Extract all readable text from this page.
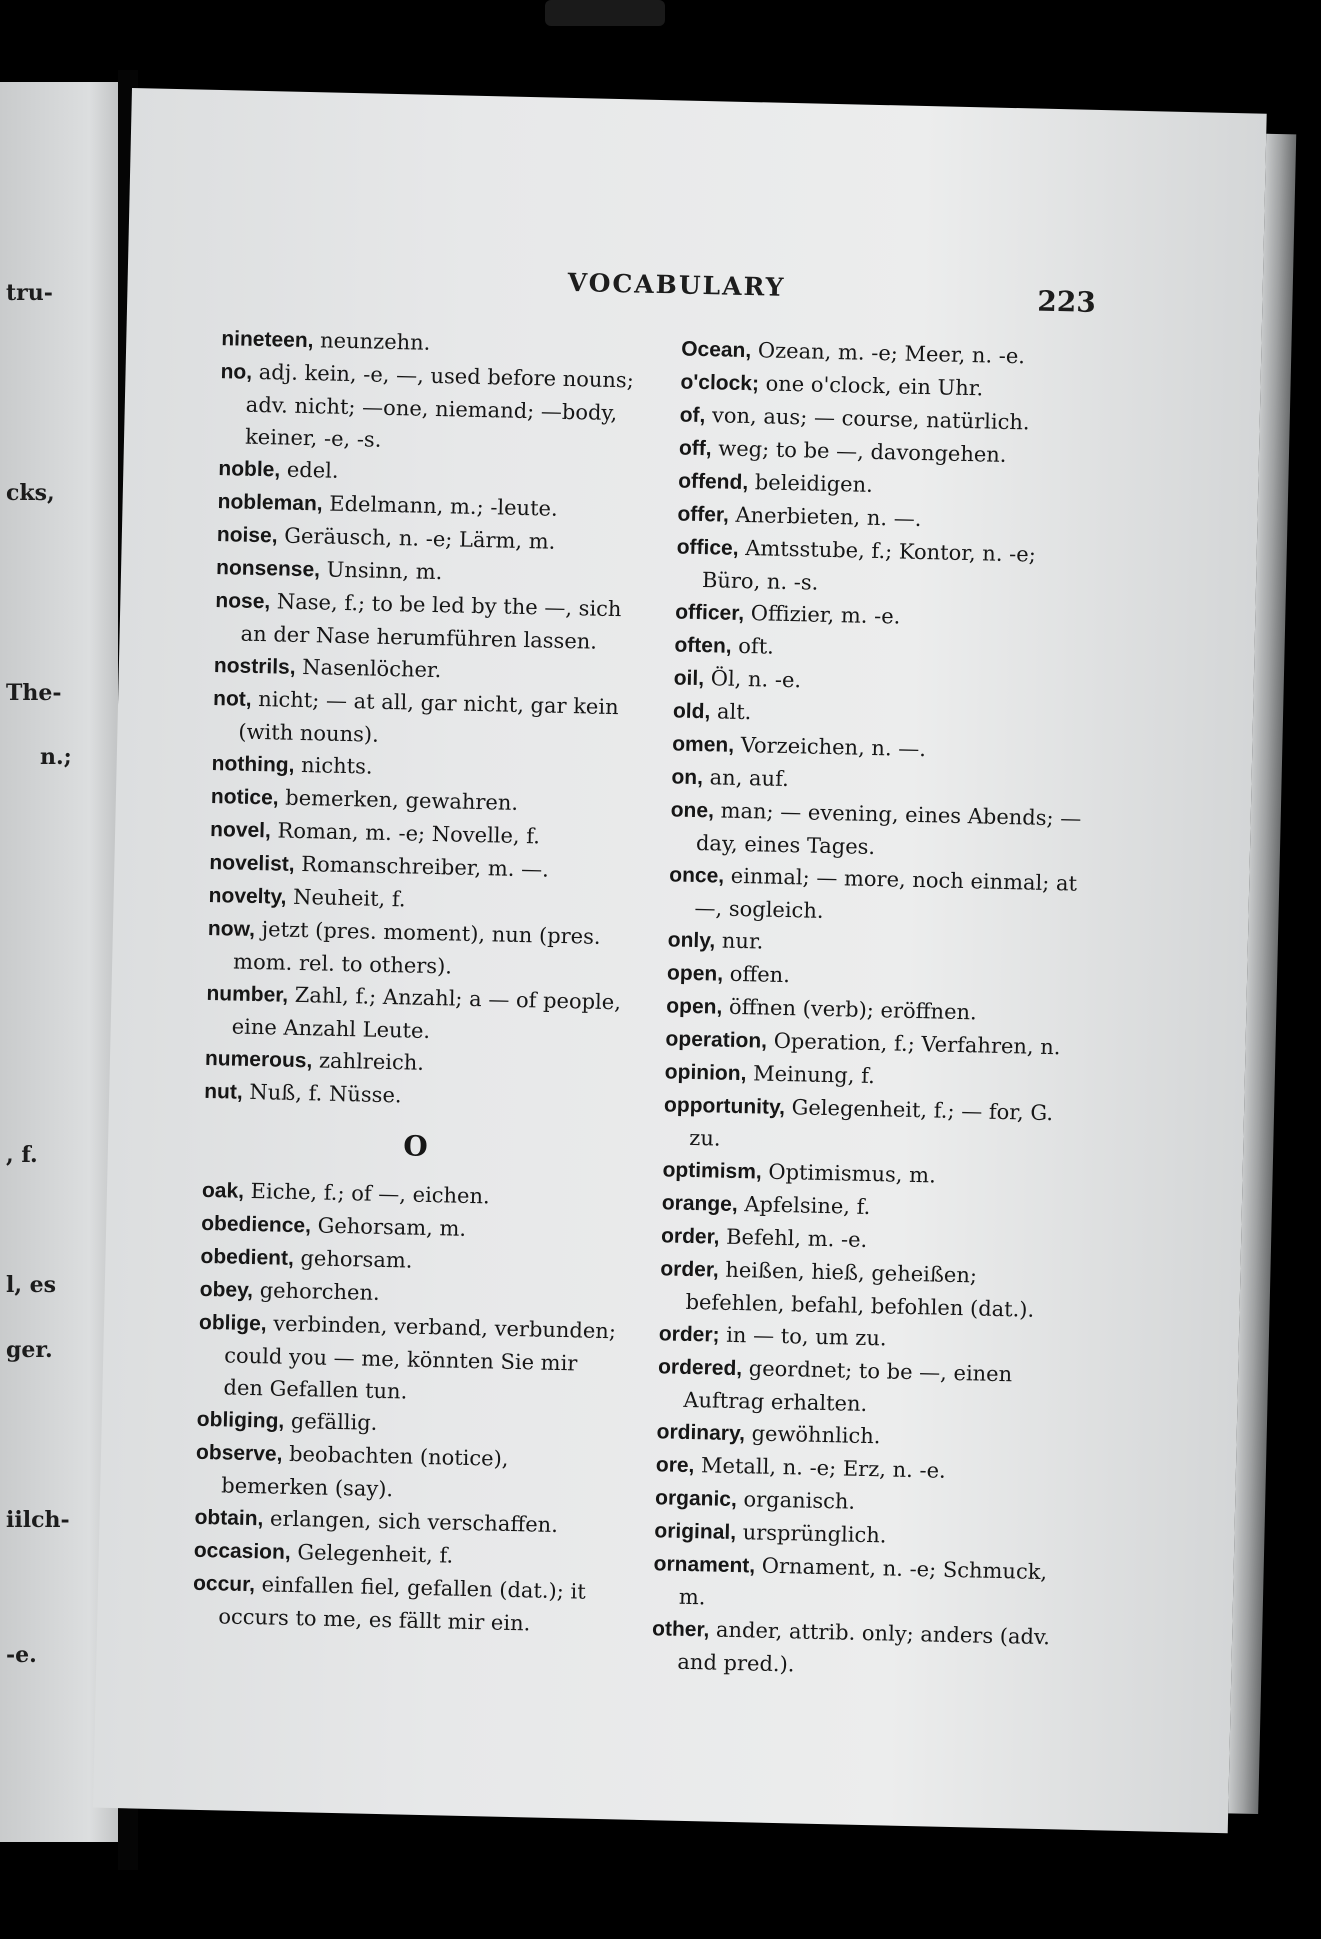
tru-
cks,
The-
n.;
, f.
l, es
ger.
iilch-
-e.
VOCABULARY	223
nineteen, neunzehn.
no, adj. kein, -e, —, used before nouns; adv. nicht; —one, niemand; —body, keiner, -e, -s.
noble, edel.
nobleman, Edelmann, m.; -leute.
noise, Geräusch, n. -e; Lärm, m.
nonsense, Unsinn, m.
nose, Nase, f.; to be led by the —, sich an der Nase herumführen lassen.
nostrils, Nasenlöcher.
not, nicht; — at all, gar nicht, gar kein (with nouns).
nothing, nichts.
notice, bemerken, gewahren.
novel, Roman, m. -e; Novelle, f.
novelist, Romanschreiber, m. —.
novelty, Neuheit, f.
now, jetzt (pres. moment), nun (pres. mom. rel. to others).
number, Zahl, f.; Anzahl; a — of people, eine Anzahl Leute.
numerous, zahlreich.
nut, Nuß, f. Nüsse.
O
oak, Eiche, f.; of —, eichen.
obedience, Gehorsam, m.
obedient, gehorsam.
obey, gehorchen.
oblige, verbinden, verband, verbunden; could you — me, könnten Sie mir den Gefallen tun.
obliging, gefällig.
observe, beobachten (notice), bemerken (say).
obtain, erlangen, sich verschaffen.
occasion, Gelegenheit, f.
occur, einfallen fiel, gefallen (dat.); it occurs to me, es fällt mir ein.
Ocean, Ozean, m. -e; Meer, n. -e.
o'clock; one o'clock, ein Uhr.
of, von, aus; — course, natürlich.
off, weg; to be —, davongehen.
offend, beleidigen.
offer, Anerbieten, n. —.
office, Amtsstube, f.; Kontor, n. -e; Büro, n. -s.
officer, Offizier, m. -e.
often, oft.
oil, Öl, n. -e.
old, alt.
omen, Vorzeichen, n. —.
on, an, auf.
one, man; — evening, eines Abends; — day, eines Tages.
once, einmal; — more, noch einmal; at —, sogleich.
only, nur.
open, offen.
open, öffnen (verb); eröffnen.
operation, Operation, f.; Verfahren, n.
opinion, Meinung, f.
opportunity, Gelegenheit, f.; — for, G. zu.
optimism, Optimismus, m.
orange, Apfelsine, f.
order, Befehl, m. -e.
order, heißen, hieß, geheißen; befehlen, befahl, befohlen (dat.).
order; in — to, um zu.
ordered, geordnet; to be —, einen Auftrag erhalten.
ordinary, gewöhnlich.
ore, Metall, n. -e; Erz, n. -e.
organic, organisch.
original, ursprünglich.
ornament, Ornament, n. -e; Schmuck, m.
other, ander, attrib. only; anders (adv. and pred.).
